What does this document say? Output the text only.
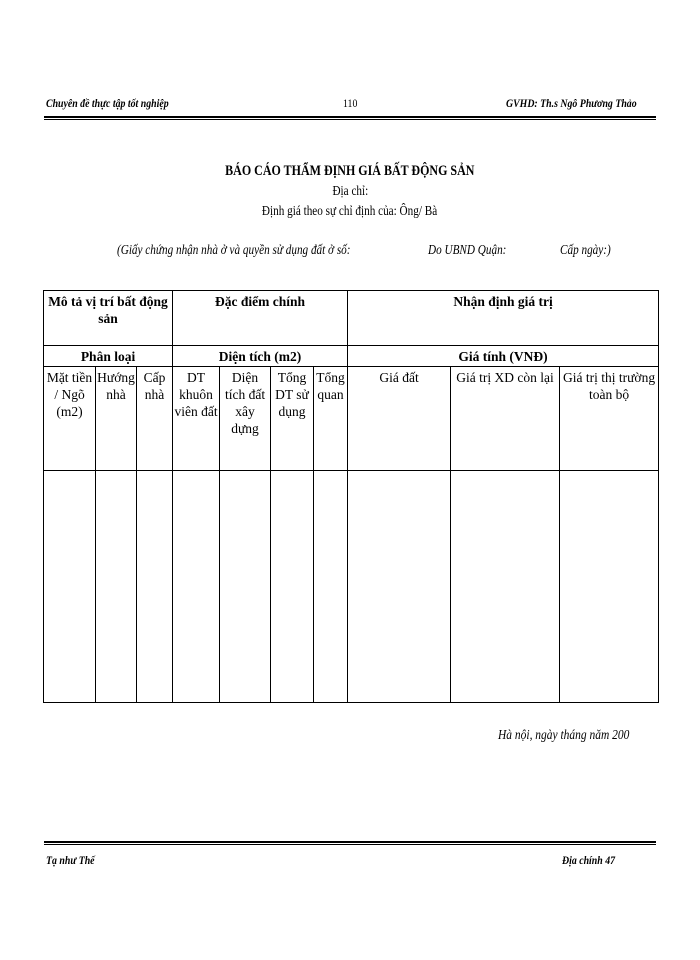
Chuyên đề thực tập tốt nghiệp	110	GVHD: Th.s Ngô Phương Thảo
BÁO CÁO THẨM ĐỊNH GIÁ BẤT ĐỘNG SẢN
Địa chỉ:
Định giá theo sự chỉ định của: Ông/ Bà
(Giấy chứng nhận nhà ở và quyền sử dụng đất ở số:	Do UBND Quận:	Cấp ngày:)
Mô tả vị trí bất động sản			Đặc điểm chính				Nhận định giá trị		
Phân loại			Diện tích (m2)				Giá tính (VNĐ)		
Mặt tiền / Ngõ (m2)	Hướng nhà	Cấp nhà	DT khuôn viên đất	Diện tích đất xây dựng	Tổng DT sử dụng	Tổng quan	Giá đất	Giá trị XD còn lại	Giá trị thị trường toàn bộ

Hà nội, ngày tháng năm 200
Tạ như Thế	Địa chính 47
